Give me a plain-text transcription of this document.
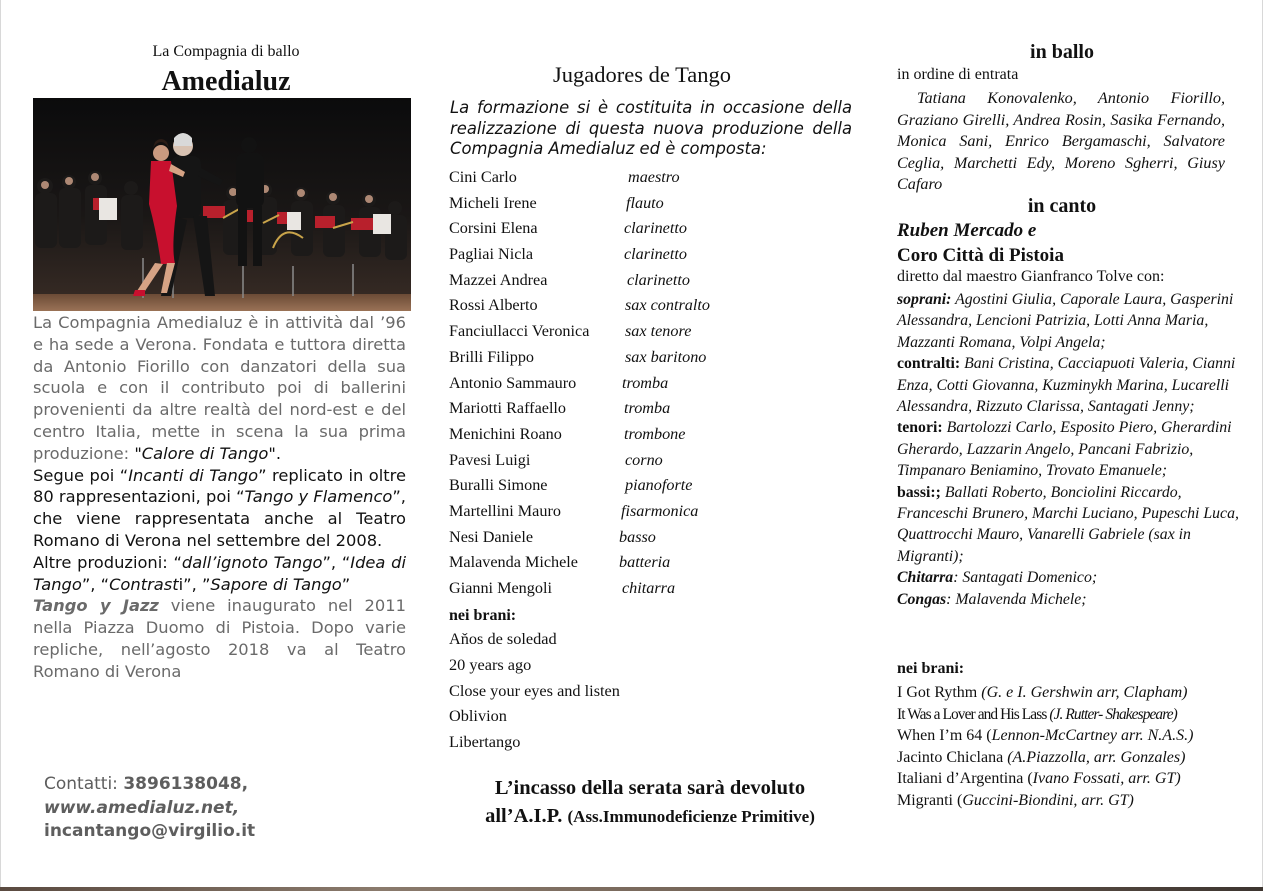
La Compagnia di ballo
Amedialuz
La Compagnia Amedialuz è in attività dal ’96 e ha sede a Verona. Fondata e tuttora diretta da Antonio Fiorillo con danzatori della sua scuola e con il contributo poi di ballerini provenienti da altre realtà del nord-est e del centro Italia, mette in scena la sua prima produzione: "Calore di Tango".
Segue poi “Incanti di Tango” replicato in oltre 80 rappresentazioni, poi “Tango y Flamenco”, che viene rappresentata anche al Teatro Romano di Verona nel settembre del 2008.
Altre produzioni: “dall’ignoto Tango”, “Idea di Tango”, “Contrasti”, ”Sapore di Tango”
Tango y Jazz viene inaugurato nel 2011 nella Piazza Duomo di Pistoia. Dopo varie repliche, nell’agosto 2018 va al Teatro Romano di Verona
Contatti: 3896138048,
www.amedialuz.net,
incantango@virgilio.it
Jugadores de Tango
La formazione si è costituita in occasione della realizzazione di questa nuova produzione della Compagnia Amedialuz ed è composta:
Cini Carlo	maestro
Micheli Irene	flauto
Corsini Elena	clarinetto
Pagliai Nicla	clarinetto
Mazzei Andrea	clarinetto
Rossi Alberto	sax contralto
Fanciullacci Veronica sax tenore
Brilli Filippo	sax baritono
Antonio Sammauro	tromba
Mariotti Raffaello	tromba
Menichini Roano	trombone
Pavesi Luigi	corno
Buralli Simone	pianoforte
Martellini Mauro	fisarmonica
Nesi Daniele	basso
Malavenda Michele	batteria
Gianni Mengoli	chitarra
nei brani:
Aňos de soledad
20 years ago
Close your eyes and listen
Oblivion
Libertango
L’incasso della serata sarà devoluto
all’A.I.P. (Ass.Immunodeficienze Primitive)
in ballo
in ordine di entrata
Tatiana Konovalenko, Antonio Fiorillo, Graziano Girelli, Andrea Rosin, Sasika Fernando, Monica Sani, Enrico Bergamaschi, Salvatore Ceglia, Marchetti Edy, Moreno Sgherri, Giusy Cafaro
in canto
Ruben Mercado e
Coro Città di Pistoia
diretto dal maestro Gianfranco Tolve con:
soprani: Agostini Giulia, Caporale Laura, Gasperini Alessandra, Lencioni Patrizia, Lotti Anna Maria, Mazzanti Romana, Volpi Angela;
contralti: Bani Cristina, Cacciapuoti Valeria, Cianni Enza, Cotti Giovanna, Kuzminykh Marina, Lucarelli Alessandra, Rizzuto Clarissa, Santagati Jenny;
tenori: Bartolozzi Carlo, Esposito Piero, Gherardini Gherardo, Lazzarin Angelo, Pancani Fabrizio, Timpanaro Beniamino, Trovato Emanuele;
bassi:; Ballati Roberto, Bonciolini Riccardo, Franceschi Brunero, Marchi Luciano, Pupeschi Luca, Quattrocchi Mauro, Vanarelli Gabriele (sax in Migranti);
Chitarra: Santagati Domenico;
Congas: Malavenda Michele;
nei brani:
I Got Rythm (G. e I. Gershwin arr, Clapham)
It Was a Lover and His Lass (J. Rutter- Shakespeare)
When I’m 64 (Lennon-McCartney arr. N.A.S.)
Jacinto Chiclana (A.Piazzolla, arr. Gonzales)
Italiani d’Argentina (Ivano Fossati, arr. GT)
Migranti (Guccini-Biondini, arr. GT)
